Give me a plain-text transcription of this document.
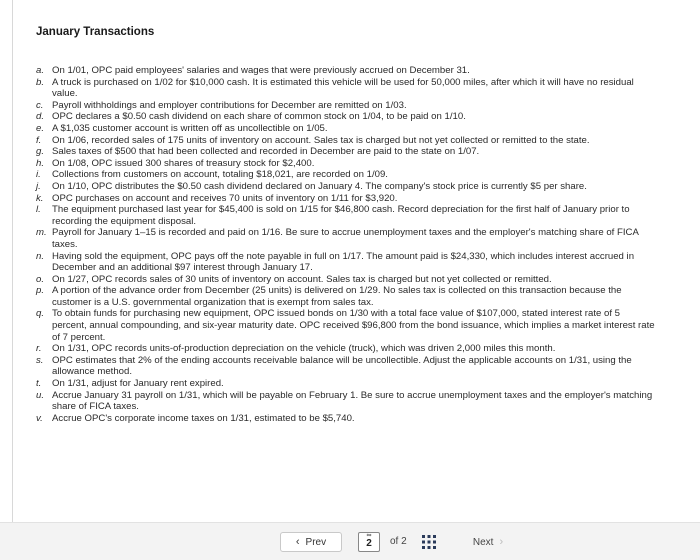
January Transactions
a. On 1/01, OPC paid employees' salaries and wages that were previously accrued on December 31.
b. A truck is purchased on 1/02 for $10,000 cash. It is estimated this vehicle will be used for 50,000 miles, after which it will have no residual value.
c. Payroll withholdings and employer contributions for December are remitted on 1/03.
d. OPC declares a $0.50 cash dividend on each share of common stock on 1/04, to be paid on 1/10.
e. A $1,035 customer account is written off as uncollectible on 1/05.
f.	On 1/06, recorded sales of 175 units of inventory on account. Sales tax is charged but not yet collected or remitted to the state.
g. Sales taxes of $500 that had been collected and recorded in December are paid to the state on 1/07.
h. On 1/08, OPC issued 300 shares of treasury stock for $2,400.
i.	Collections from customers on account, totaling $18,021, are recorded on 1/09.
j.	On 1/10, OPC distributes the $0.50 cash dividend declared on January 4. The company's stock price is currently $5 per share.
k. OPC purchases on account and receives 70 units of inventory on 1/11 for $3,920.
l.	The equipment purchased last year for $45,400 is sold on 1/15 for $46,800 cash. Record depreciation for the first half of January prior to recording the equipment disposal.
m. Payroll for January 1–15 is recorded and paid on 1/16. Be sure to accrue unemployment taxes and the employer's matching share of FICA taxes.
n. Having sold the equipment, OPC pays off the note payable in full on 1/17. The amount paid is $24,330, which includes interest accrued in December and an additional $97 interest through January 17.
o. On 1/27, OPC records sales of 30 units of inventory on account. Sales tax is charged but not yet collected or remitted.
p. A portion of the advance order from December (25 units) is delivered on 1/29. No sales tax is collected on this transaction because the customer is a U.S. governmental organization that is exempt from sales tax.
q. To obtain funds for purchasing new equipment, OPC issued bonds on 1/30 with a total face value of $107,000, stated interest rate of 5 percent, annual compounding, and six-year maturity date. OPC received $96,800 from the bond issuance, which implies a market interest rate of 7 percent.
r.	On 1/31, OPC records units-of-production depreciation on the vehicle (truck), which was driven 2,000 miles this month.
s. OPC estimates that 2% of the ending accounts receivable balance will be uncollectible. Adjust the applicable accounts on 1/31, using the allowance method.
t.	On 1/31, adjust for January rent expired.
u. Accrue January 31 payroll on 1/31, which will be payable on February 1. Be sure to accrue unemployment taxes and the employer's matching share of FICA taxes.
v. Accrue OPC's corporate income taxes on 1/31, estimated to be $5,740.
‹ Prev
∞
2 of 2	Next ›
